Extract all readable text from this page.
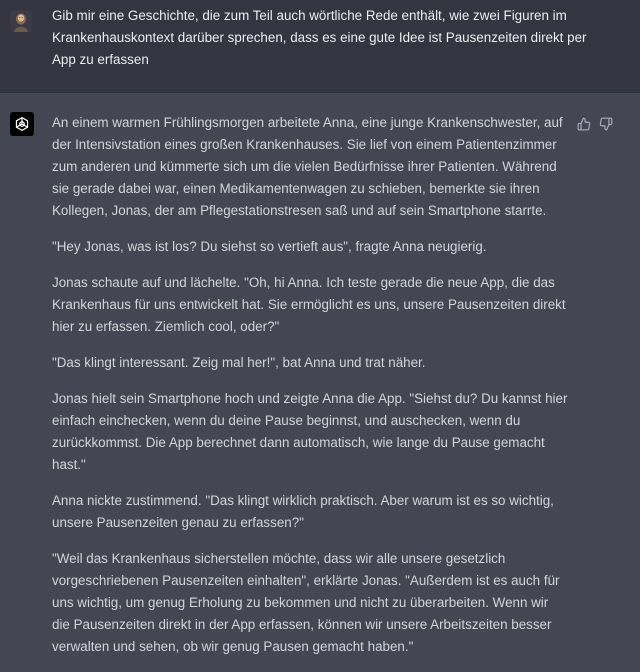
Gib mir eine Geschichte, die zum Teil auch wörtliche Rede enthält, wie zwei Figuren im Krankenhauskontext darüber sprechen, dass es eine gute Idee ist Pausenzeiten direkt per App zu erfassen

An einem warmen Frühlingsmorgen arbeitete Anna, eine junge Krankenschwester, auf der Intensivstation eines großen Krankenhauses. Sie lief von einem Patientenzimmer zum anderen und kümmerte sich um die vielen Bedürfnisse ihrer Patienten. Während sie gerade dabei war, einen Medikamentenwagen zu schieben, bemerkte sie ihren Kollegen, Jonas, der am Pflegestationstresen saß und auf sein Smartphone starrte.

"Hey Jonas, was ist los? Du siehst so vertieft aus", fragte Anna neugierig.

Jonas schaute auf und lächelte. "Oh, hi Anna. Ich teste gerade die neue App, die das Krankenhaus für uns entwickelt hat. Sie ermöglicht es uns, unsere Pausenzeiten direkt hier zu erfassen. Ziemlich cool, oder?"

"Das klingt interessant. Zeig mal her!", bat Anna und trat näher.

Jonas hielt sein Smartphone hoch und zeigte Anna die App. "Siehst du? Du kannst hier einfach einchecken, wenn du deine Pause beginnst, und auschecken, wenn du zurückkommst. Die App berechnet dann automatisch, wie lange du Pause gemacht hast."

Anna nickte zustimmend. "Das klingt wirklich praktisch. Aber warum ist es so wichtig, unsere Pausenzeiten genau zu erfassen?"

"Weil das Krankenhaus sicherstellen möchte, dass wir alle unsere gesetzlich vorgeschriebenen Pausenzeiten einhalten", erklärte Jonas. "Außerdem ist es auch für uns wichtig, um genug Erholung zu bekommen und nicht zu überarbeiten. Wenn wir die Pausenzeiten direkt in der App erfassen, können wir unsere Arbeitszeiten besser verwalten und sehen, ob wir genug Pausen gemacht haben."
